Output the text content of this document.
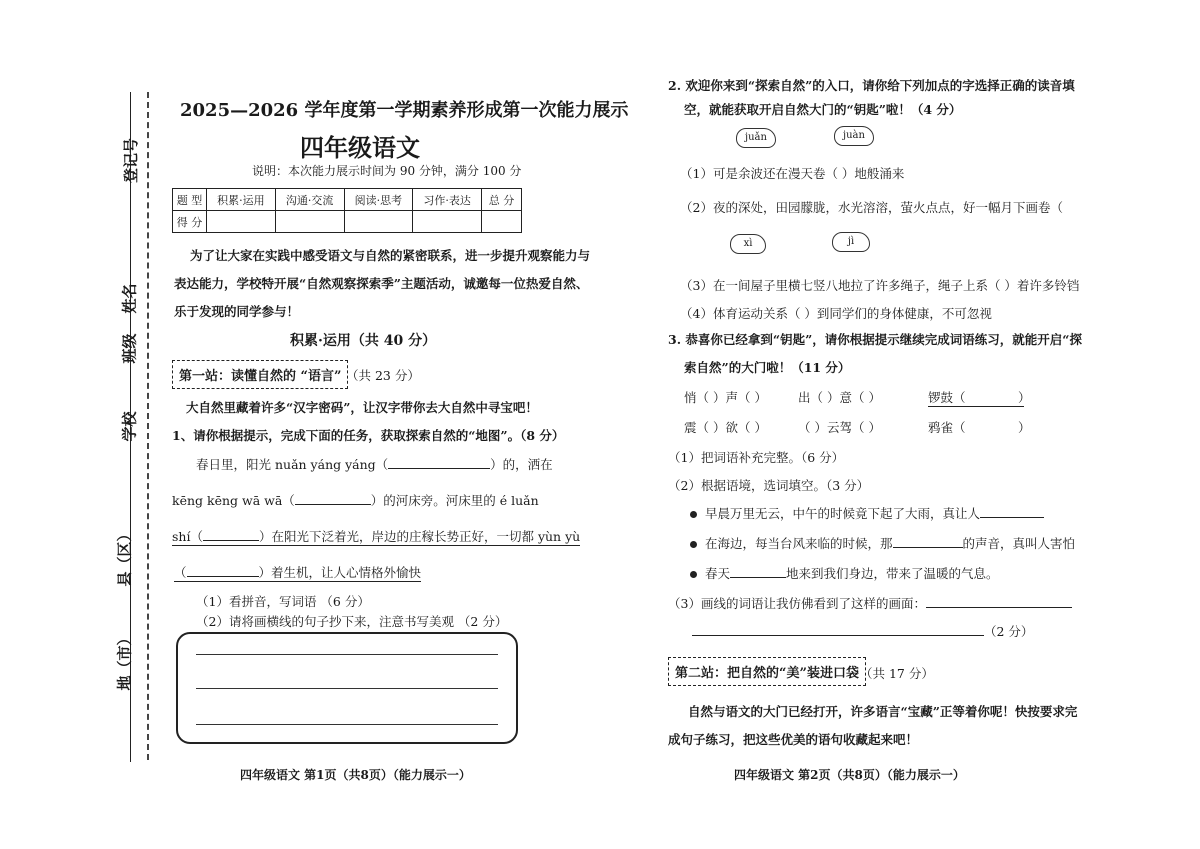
登记号
姓名
班级
学校
县（区）
地（市）
2025—2026 学年度第一学期素养形成第一次能力展示
四年级语文
说明：本次能力展示时间为 90 分钟，满分 100 分
题 型	积累·运用	沟通·交流	阅读·思考	习作·表达	总 分
得 分					
为了让大家在实践中感受语文与自然的紧密联系，进一步提升观察能力与
表达能力，学校特开展“自然观察探索季”主题活动，诚邀每一位热爱自然、
乐于发现的同学参与！
积累·运用（共 40 分）
第一站：读懂自然的 “语言” （共 23 分）
大自然里藏着许多“汉字密码”，让汉字带你去大自然中寻宝吧！
1、请你根据提示，完成下面的任务，获取探索自然的“地图”。（8 分）
春日里，阳光 nuǎn yáng yáng（	）的，洒在
kēng kēng wā wā（	）的河床旁。河床里的 é luǎn
shí（	）在阳光下泛着光，岸边的庄稼长势正好，一切都 yùn yù
（	）着生机，让人心情格外愉快
（1）看拼音，写词语 （6 分）
（2）请将画横线的句子抄下来，注意书写美观 （2 分）
四年级语文 第1页（共8页）（能力展示一）
2. 欢迎你来到“探索自然”的入口，请你给下列加点的字选择正确的读音填
空，就能获取开启自然大门的“钥匙”啦！（4 分）
juǎn	juàn
（1）可是余波还在漫天卷（ ）地般涌来
（2）夜的深处，田园朦胧，水光溶溶，萤火点点，好一幅月下画卷（
xì	jì
（3）在一间屋子里横七竖八地拉了许多绳子，绳子上系（ ）着许多铃铛
（4）体育运动关系（ ）到同学们的身体健康，不可忽视
3. 恭喜你已经拿到“钥匙”，请你根据提示继续完成词语练习，就能开启“探
索自然”的大门啦！（11 分）
悄（ ）声（ ） 出（ ）意（ ）	锣鼓（	）
震（ ）欲（ ） （ ）云驾（ ）	鸦雀（	）
（1）把词语补充完整。（6 分）
（2）根据语境，选词填空。（3 分）
早晨万里无云，中午的时候竟下起了大雨，真让人
在海边，每当台风来临的时候，那	的声音，真叫人害怕
春天	地来到我们身边，带来了温暖的气息。
（3）画线的词语让我仿佛看到了这样的画面：
（2 分）
第二站：把自然的“美”装进口袋 （共 17 分）
自然与语文的大门已经打开，许多语言“宝藏”正等着你呢！快按要求完
成句子练习，把这些优美的语句收藏起来吧！
四年级语文 第2页（共8页）（能力展示一）
